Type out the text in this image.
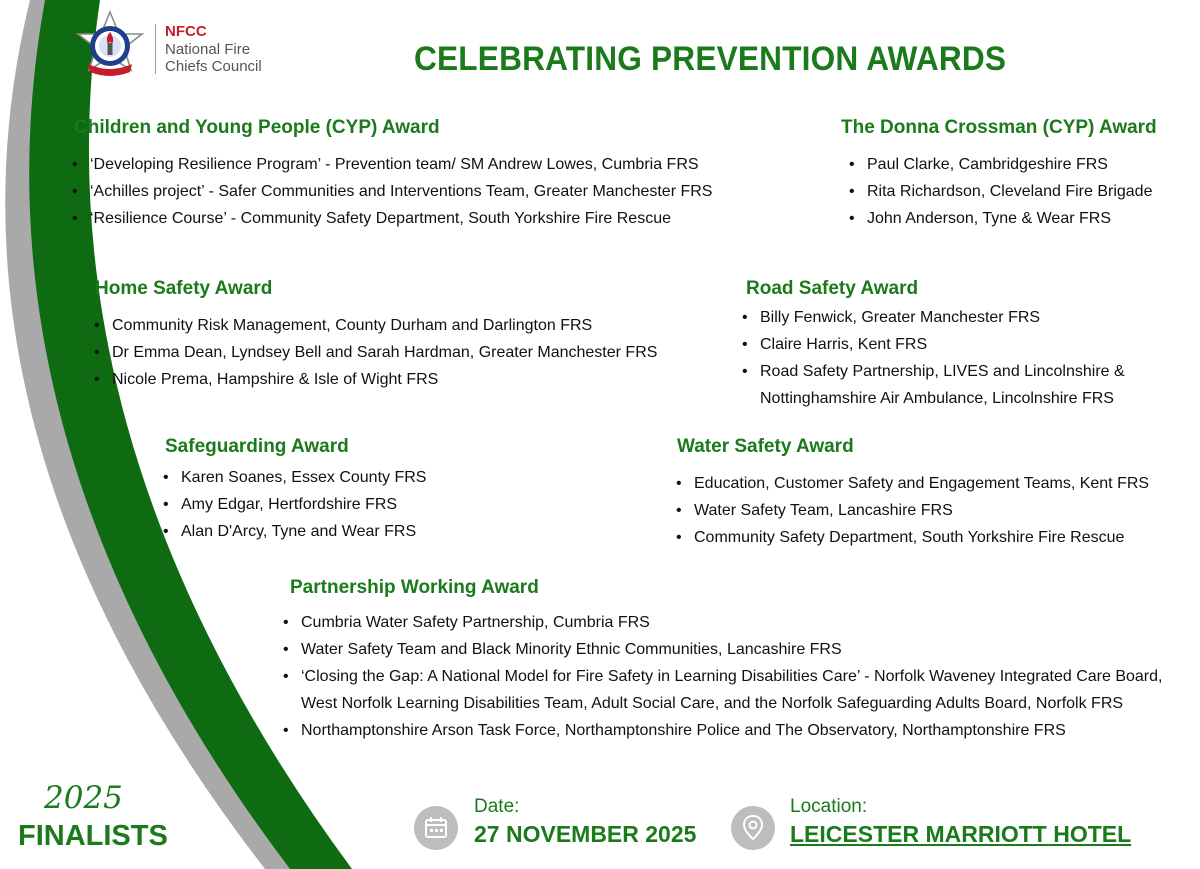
NFCC
National Fire
Chiefs Council	CELEBRATING PREVENTION AWARDS
Children and Young People (CYP) Award
• ‘Developing Resilience Program’ - Prevention team/ SM Andrew Lowes, Cumbria FRS
• ‘Achilles project’ - Safer Communities and Interventions Team, Greater Manchester FRS
• ‘Resilience Course’ - Community Safety Department, South Yorkshire Fire Rescue
The Donna Crossman (CYP) Award
• Paul Clarke, Cambridgeshire FRS
• Rita Richardson, Cleveland Fire Brigade
• John Anderson, Tyne & Wear FRS
Home Safety Award
• Community Risk Management, County Durham and Darlington FRS
• Dr Emma Dean, Lyndsey Bell and Sarah Hardman, Greater Manchester FRS
• Nicole Prema, Hampshire & Isle of Wight FRS
Road Safety Award
• Billy Fenwick, Greater Manchester FRS
• Claire Harris, Kent FRS
• Road Safety Partnership, LIVES and Lincolnshire & Nottinghamshire Air Ambulance, Lincolnshire FRS
Safeguarding Award
• Karen Soanes, Essex County FRS
• Amy Edgar, Hertfordshire FRS
• Alan D'Arcy, Tyne and Wear FRS
Water Safety Award
• Education, Customer Safety and Engagement Teams, Kent FRS
• Water Safety Team, Lancashire FRS
• Community Safety Department, South Yorkshire Fire Rescue
Partnership Working Award
• Cumbria Water Safety Partnership, Cumbria FRS
• Water Safety Team and Black Minority Ethnic Communities, Lancashire FRS
• ‘Closing the Gap: A National Model for Fire Safety in Learning Disabilities Care’ - Norfolk Waveney Integrated Care Board, West Norfolk Learning Disabilities Team, Adult Social Care, and the Norfolk Safeguarding Adults Board, Norfolk FRS
• Northamptonshire Arson Task Force, Northamptonshire Police and The Observatory, Northamptonshire FRS
2025
FINALISTS
Date:
27 NOVEMBER 2025
Location:
LEICESTER MARRIOTT HOTEL
